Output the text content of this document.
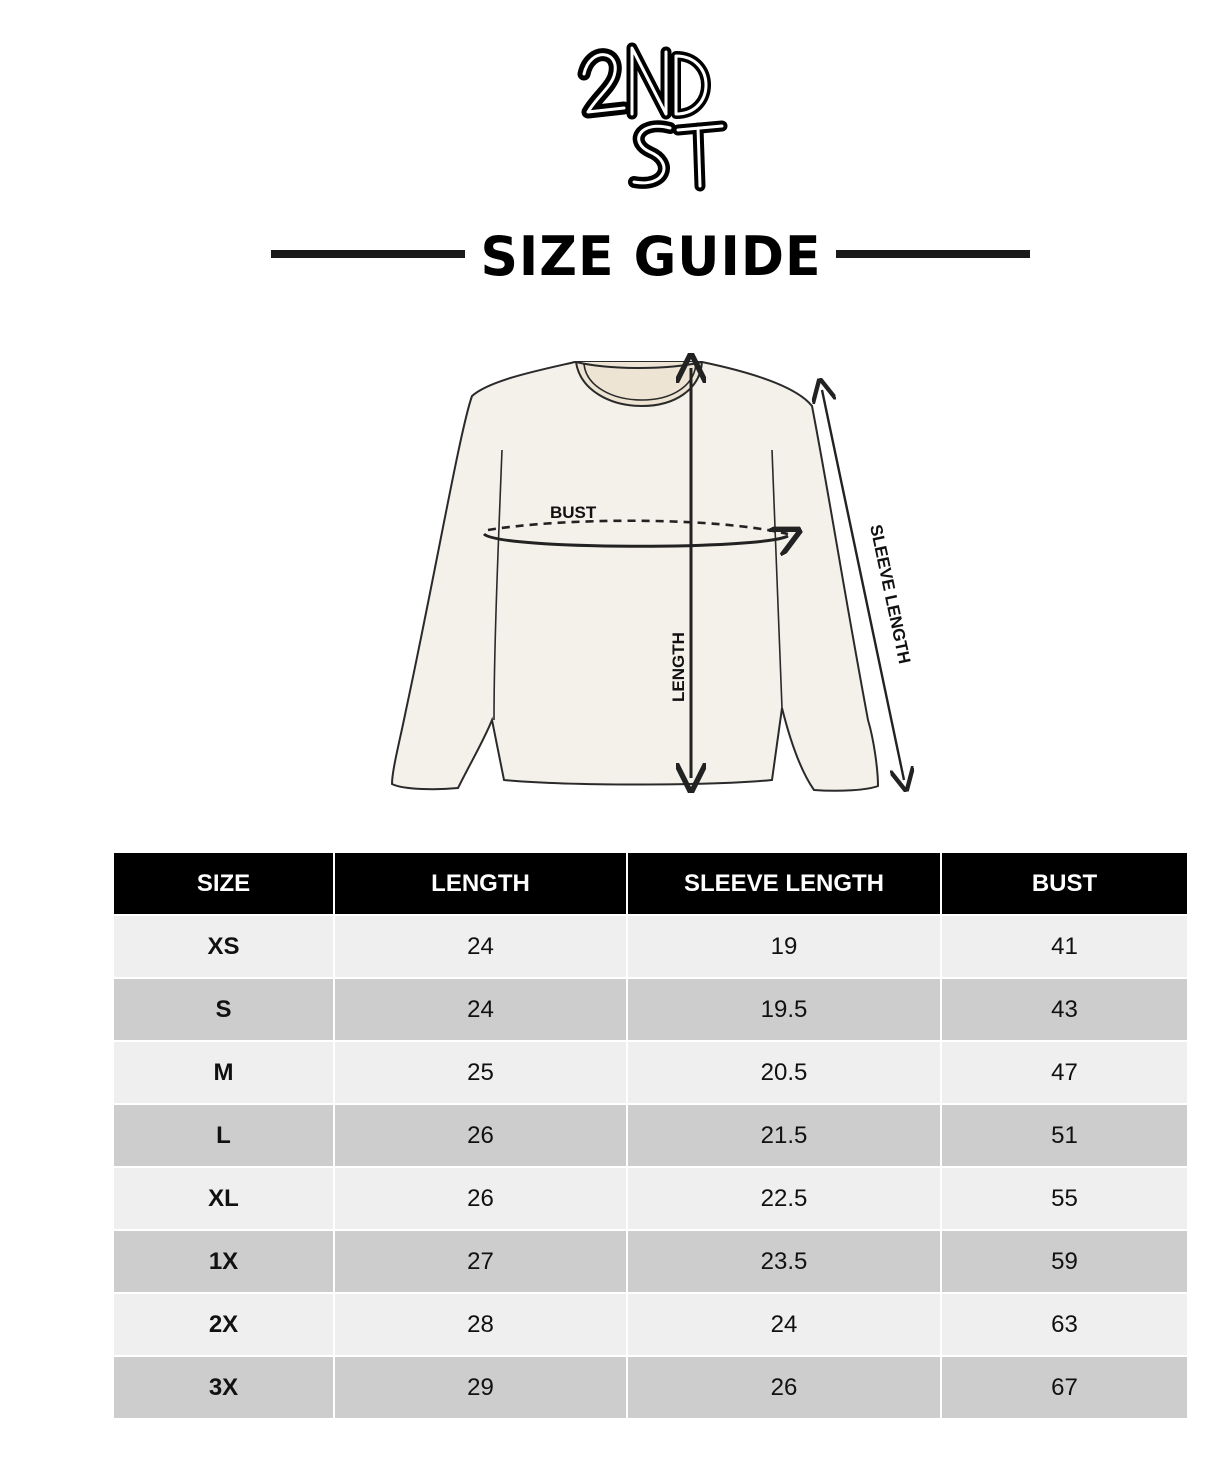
SIZE GUIDE
BUST
LENGTH
SLEEVE LENGTH
SIZE	LENGTH	SLEEVE LENGTH	BUST
XS	24	19	41
S	24	19.5	43
M	25	20.5	47
L	26	21.5	51
XL	26	22.5	55
1X	27	23.5	59
2X	28	24	63
3X	29	26	67
